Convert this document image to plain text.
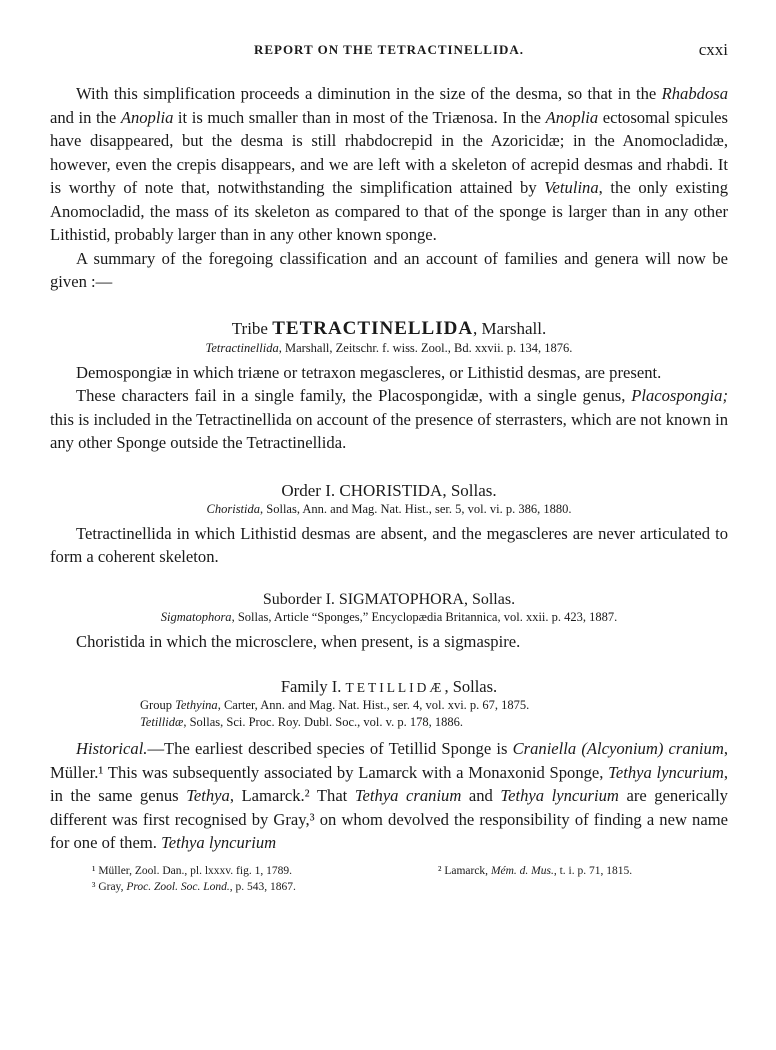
REPORT ON THE TETRACTINELLIDA.	cxxi

With this simplification proceeds a diminution in the size of the desma, so that in the Rhabdosa and in the Anoplia it is much smaller than in most of the Triænosa. In the Anoplia ectosomal spicules have disappeared, but the desma is still rhabdocrepid in the Azoricidæ; in the Anomocladidæ, however, even the crepis disappears, and we are left with a skeleton of acrepid desmas and rhabdi. It is worthy of note that, notwithstanding the simplification attained by Vetulina, the only existing Anomocladid, the mass of its skeleton as compared to that of the sponge is larger than in any other Lithistid, probably larger than in any other known sponge.

A summary of the foregoing classification and an account of families and genera will now be given :—

Tribe TETRACTINELLIDA, Marshall.
Tetractinellida, Marshall, Zeitschr. f. wiss. Zool., Bd. xxvii. p. 134, 1876.

Demospongiæ in which triæne or tetraxon megascleres, or Lithistid desmas, are present.

These characters fail in a single family, the Placospongidæ, with a single genus, Placospongia; this is included in the Tetractinellida on account of the presence of sterrasters, which are not known in any other Sponge outside the Tetractinellida.

Order I. CHORISTIDA, Sollas.
Choristida, Sollas, Ann. and Mag. Nat. Hist., ser. 5, vol. vi. p. 386, 1880.

Tetractinellida in which Lithistid desmas are absent, and the megascleres are never articulated to form a coherent skeleton.

Suborder I. SIGMATOPHORA, Sollas.
Sigmatophora, Sollas, Article “Sponges,” Encyclopædia Britannica, vol. xxii. p. 423, 1887.

Choristida in which the microsclere, when present, is a sigmaspire.

Family I. TETILLIDÆ, Sollas.
Group Tethyina, Carter, Ann. and Mag. Nat. Hist., ser. 4, vol. xvi. p. 67, 1875.
Tetillidæ, Sollas, Sci. Proc. Roy. Dubl. Soc., vol. v. p. 178, 1886.

Historical.—The earliest described species of Tetillid Sponge is Craniella (Alcyonium) cranium, Müller.¹ This was subsequently associated by Lamarck with a Monaxonid Sponge, Tethya lyncurium, in the same genus Tethya, Lamarck.² That Tethya cranium and Tethya lyncurium are generically different was first recognised by Gray,³ on whom devolved the responsibility of finding a new name for one of them. Tethya lyncurium

¹ Müller, Zool. Dan., pl. lxxxv. fig. 1, 1789.
³ Gray, Proc. Zool. Soc. Lond., p. 543, 1867.
² Lamarck, Mém. d. Mus., t. i. p. 71, 1815.
